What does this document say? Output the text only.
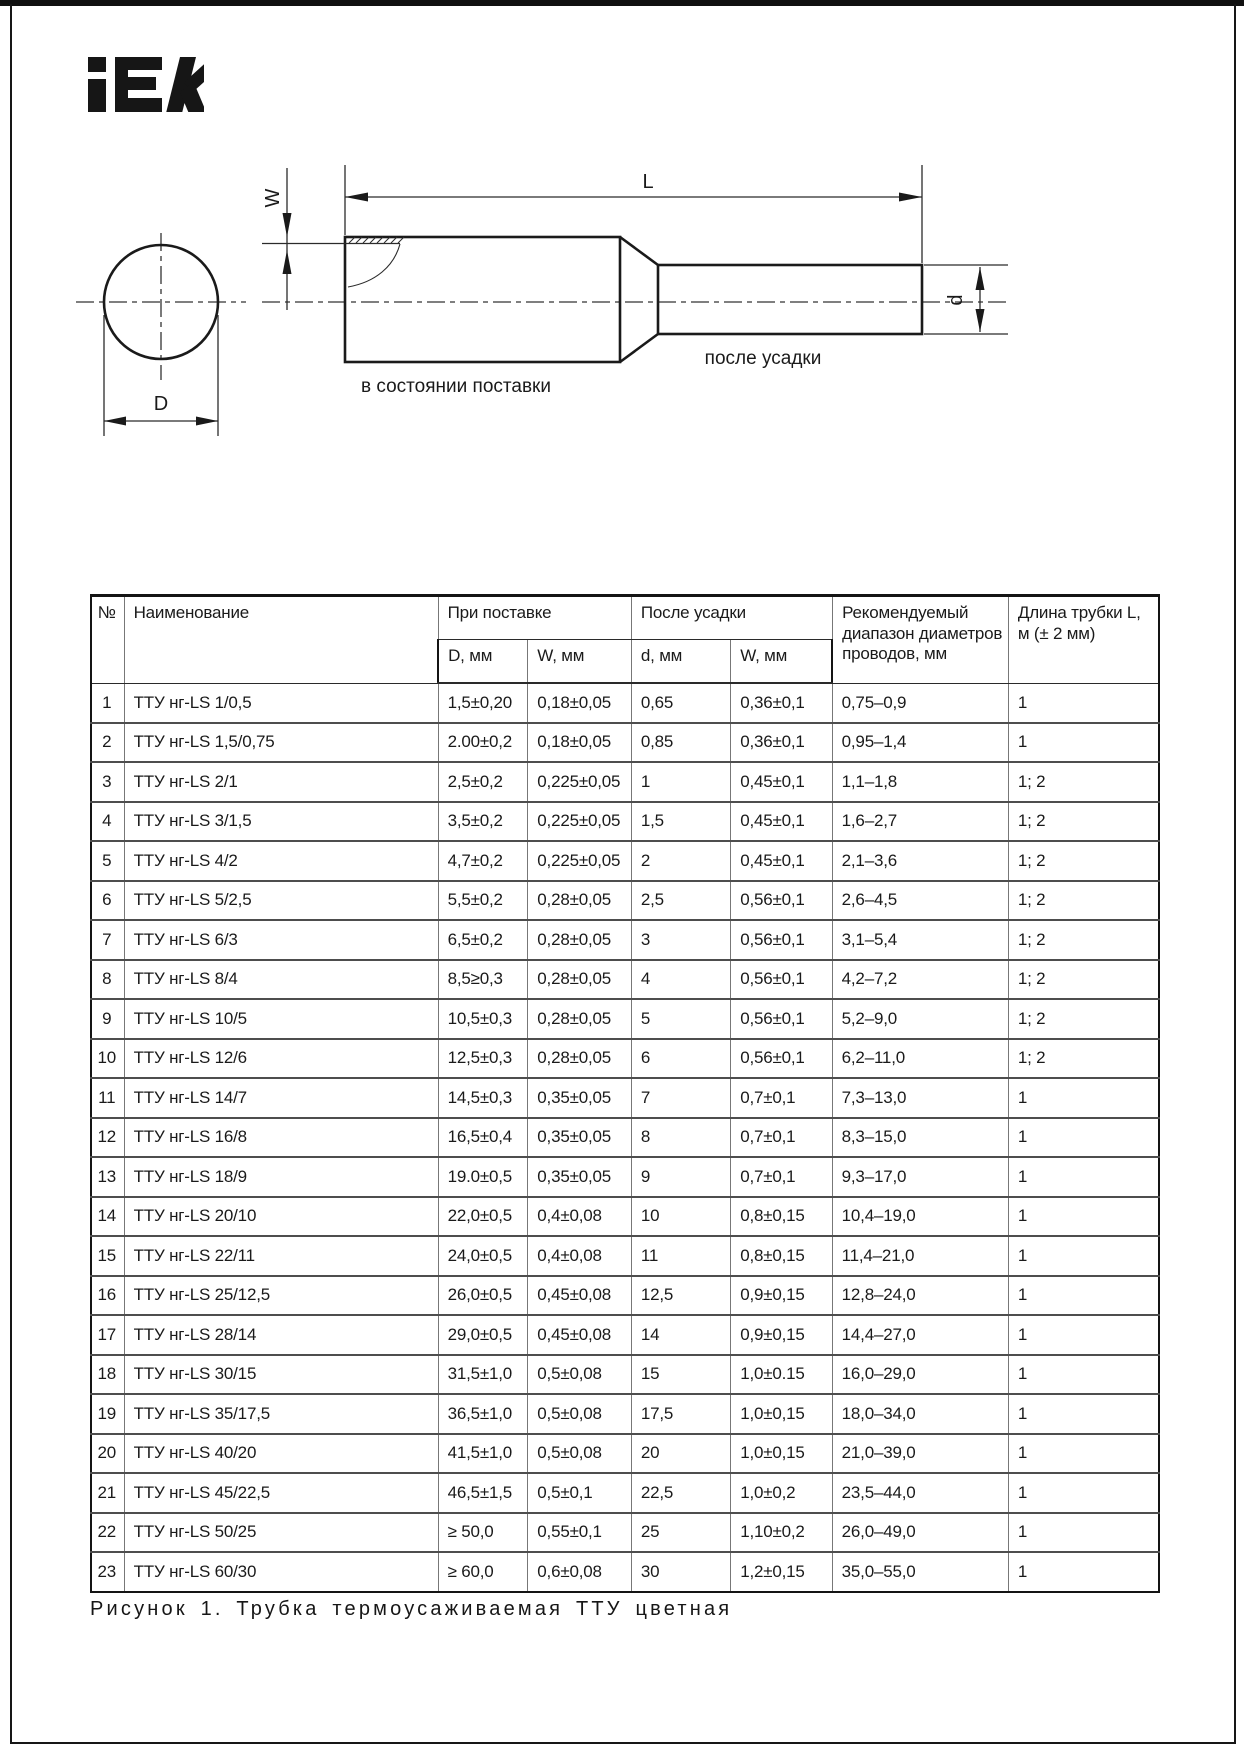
D
W
L
d
после усадки
в состоянии поставки
№	Наименование	При поставке		После усадки		Рекомендуемый диапазон диаметров проводов, мм	Длина трубки L, м (± 2 мм)
		D, мм	W, мм	d, мм	W, мм		
1	ТТУ нг-LS 1/0,5	1,5±0,20	0,18±0,05	0,65	0,36±0,1	0,75–0,9	1
2	ТТУ нг-LS 1,5/0,75	2.00±0,2	0,18±0,05	0,85	0,36±0,1	0,95–1,4	1
3	ТТУ нг-LS 2/1	2,5±0,2	0,225±0,05	1	0,45±0,1	1,1–1,8	1; 2
4	ТТУ нг-LS 3/1,5	3,5±0,2	0,225±0,05	1,5	0,45±0,1	1,6–2,7	1; 2
5	ТТУ нг-LS 4/2	4,7±0,2	0,225±0,05	2	0,45±0,1	2,1–3,6	1; 2
6	ТТУ нг-LS 5/2,5	5,5±0,2	0,28±0,05	2,5	0,56±0,1	2,6–4,5	1; 2
7	ТТУ нг-LS 6/3	6,5±0,2	0,28±0,05	3	0,56±0,1	3,1–5,4	1; 2
8	ТТУ нг-LS 8/4	8,5≥0,3	0,28±0,05	4	0,56±0,1	4,2–7,2	1; 2
9	ТТУ нг-LS 10/5	10,5±0,3	0,28±0,05	5	0,56±0,1	5,2–9,0	1; 2
10	ТТУ нг-LS 12/6	12,5±0,3	0,28±0,05	6	0,56±0,1	6,2–11,0	1; 2
11	ТТУ нг-LS 14/7	14,5±0,3	0,35±0,05	7	0,7±0,1	7,3–13,0	1
12	ТТУ нг-LS 16/8	16,5±0,4	0,35±0,05	8	0,7±0,1	8,3–15,0	1
13	ТТУ нг-LS 18/9	19.0±0,5	0,35±0,05	9	0,7±0,1	9,3–17,0	1
14	ТТУ нг-LS 20/10	22,0±0,5	0,4±0,08	10	0,8±0,15	10,4–19,0	1
15	ТТУ нг-LS 22/11	24,0±0,5	0,4±0,08	11	0,8±0,15	11,4–21,0	1
16	ТТУ нг-LS 25/12,5	26,0±0,5	0,45±0,08	12,5	0,9±0,15	12,8–24,0	1
17	ТТУ нг-LS 28/14	29,0±0,5	0,45±0,08	14	0,9±0,15	14,4–27,0	1
18	ТТУ нг-LS 30/15	31,5±1,0	0,5±0,08	15	1,0±0.15	16,0–29,0	1
19	ТТУ нг-LS 35/17,5	36,5±1,0	0,5±0,08	17,5	1,0±0,15	18,0–34,0	1
20	ТТУ нг-LS 40/20	41,5±1,0	0,5±0,08	20	1,0±0,15	21,0–39,0	1
21	ТТУ нг-LS 45/22,5	46,5±1,5	0,5±0,1	22,5	1,0±0,2	23,5–44,0	1
22	ТТУ нг-LS 50/25	≥ 50,0	0,55±0,1	25	1,10±0,2	26,0–49,0	1
23	ТТУ нг-LS 60/30	≥ 60,0	0,6±0,08	30	1,2±0,15	35,0–55,0	1
Рисунок 1. Трубка термоусаживаемая ТТУ цветная
